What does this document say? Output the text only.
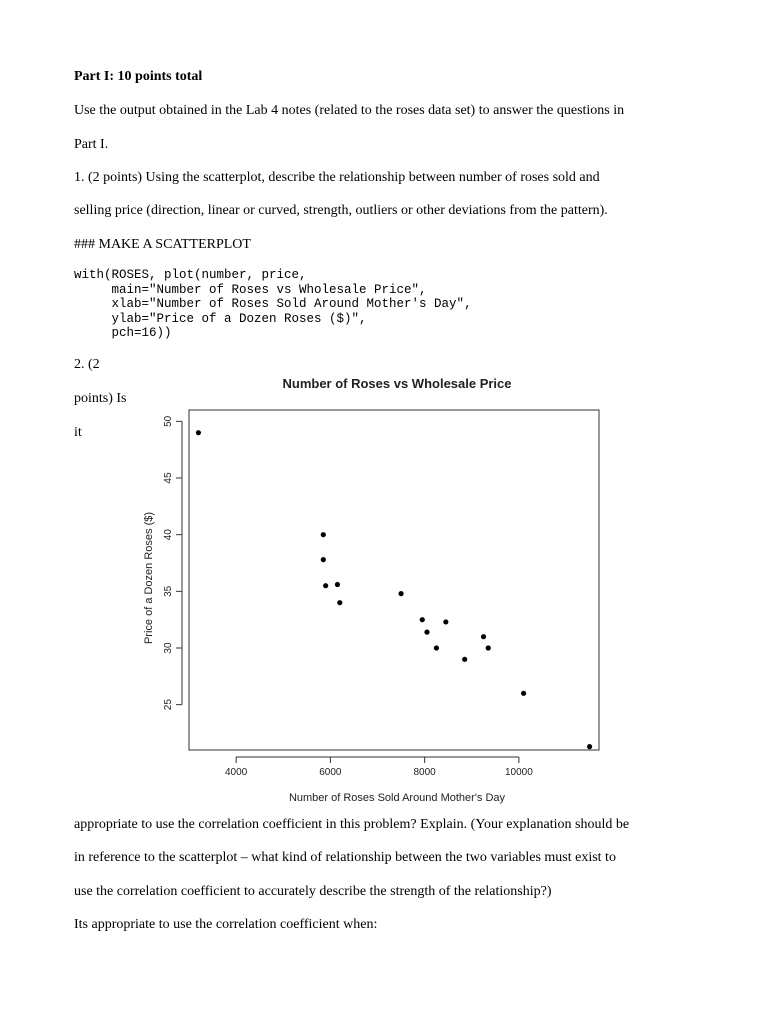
Part I: 10 points total
Use the output obtained in the Lab 4 notes (related to the roses data set) to answer the questions in
Part I.
1. (2 points) Using the scatterplot, describe the relationship between number of roses sold and
selling price (direction, linear or curved, strength, outliers or other deviations from the pattern).
### MAKE A SCATTERPLOT
with(ROSES, plot(number, price,
main="Number of Roses vs Wholesale Price",
xlab="Number of Roses Sold Around Mother's Day",
ylab="Price of a Dozen Roses ($)",
pch=16))
2. (2
points) Is
it
Number of Roses vs Wholesale Price
Number of Roses Sold Around Mother's Day
Price of a Dozen Roses ($)
4000	6000	8000	10000
25
30
35
40
45
50
appropriate to use the correlation coefficient in this problem? Explain. (Your explanation should be
in reference to the scatterplot – what kind of relationship between the two variables must exist to
use the correlation coefficient to accurately describe the strength of the relationship?)
Its appropriate to use the correlation coefficient when:
